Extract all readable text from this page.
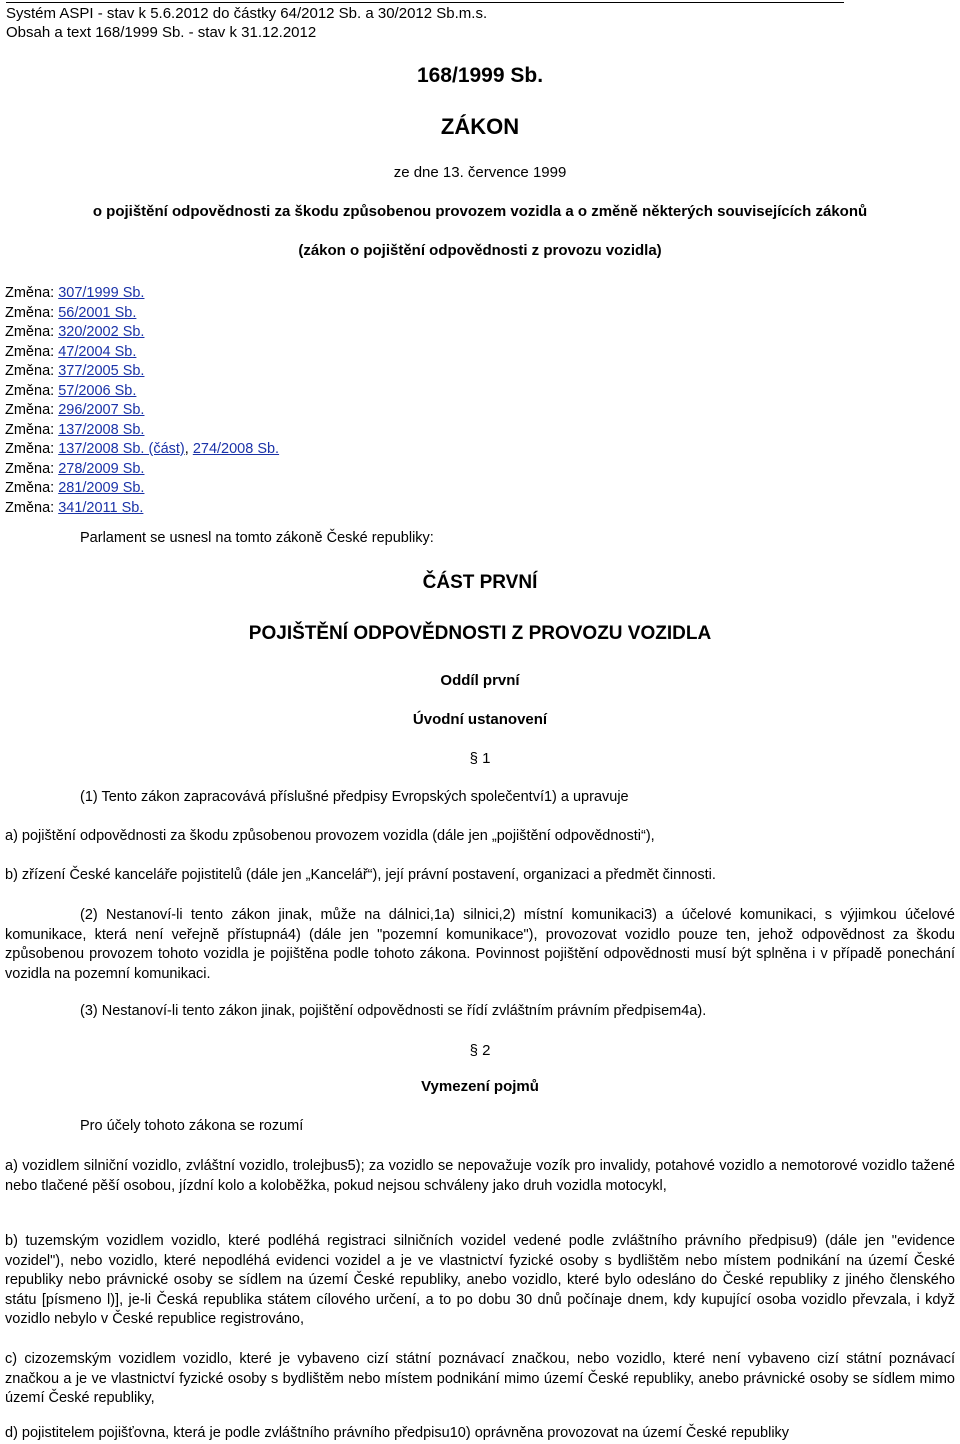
Systém ASPI - stav k 5.6.2012 do částky 64/2012 Sb. a 30/2012 Sb.m.s.
Obsah a text 168/1999 Sb. - stav k 31.12.2012
168/1999 Sb.
ZÁKON
ze dne 13. července 1999
o pojištění odpovědnosti za škodu způsobenou provozem vozidla a o změně některých souvisejících zákonů
(zákon o pojištění odpovědnosti z provozu vozidla)
Změna: 307/1999 Sb.
Změna: 56/2001 Sb.
Změna: 320/2002 Sb.
Změna: 47/2004 Sb.
Změna: 377/2005 Sb.
Změna: 57/2006 Sb.
Změna: 296/2007 Sb.
Změna: 137/2008 Sb.
Změna: 137/2008 Sb. (část), 274/2008 Sb.
Změna: 278/2009 Sb.
Změna: 281/2009 Sb.
Změna: 341/2011 Sb.
Parlament se usnesl na tomto zákoně České republiky:
ČÁST PRVNÍ
POJIŠTĚNÍ ODPOVĚDNOSTI Z PROVOZU VOZIDLA
Oddíl první
Úvodní ustanovení
§ 1
(1) Tento zákon zapracovává příslušné předpisy Evropských společentví1) a upravuje
a) pojištění odpovědnosti za škodu způsobenou provozem vozidla (dále jen „pojištění odpovědnosti“),
b) zřízení České kanceláře pojistitelů (dále jen „Kancelář“), její právní postavení, organizaci a předmět činnosti.
(2) Nestanoví-li tento zákon jinak, může na dálnici,1a) silnici,2) místní komunikaci3) a účelové komunikaci, s výjimkou účelové komunikace, která není veřejně přístupná4) (dále jen "pozemní komunikace"), provozovat vozidlo pouze ten, jehož odpovědnost za škodu způsobenou provozem tohoto vozidla je pojištěna podle tohoto zákona. Povinnost pojištění odpovědnosti musí být splněna i v případě ponechání vozidla na pozemní komunikaci.
(3) Nestanoví-li tento zákon jinak, pojištění odpovědnosti se řídí zvláštním právním předpisem4a).
§ 2
Vymezení pojmů
Pro účely tohoto zákona se rozumí
a) vozidlem silniční vozidlo, zvláštní vozidlo, trolejbus5); za vozidlo se nepovažuje vozík pro invalidy, potahové vozidlo a nemotorové vozidlo tažené nebo tlačené pěší osobou, jízdní kolo a koloběžka, pokud nejsou schváleny jako druh vozidla motocykl,
b) tuzemským vozidlem vozidlo, které podléhá registraci silničních vozidel vedené podle zvláštního právního předpisu9) (dále jen "evidence vozidel"), nebo vozidlo, které nepodléhá evidenci vozidel a je ve vlastnictví fyzické osoby s bydlištěm nebo místem podnikání na území České republiky nebo právnické osoby se sídlem na území České republiky, anebo vozidlo, které bylo odesláno do České republiky z jiného členského státu [písmeno l)], je-li Česká republika státem cílového určení, a to po dobu 30 dnů počínaje dnem, kdy kupující osoba vozidlo převzala, i když vozidlo nebylo v České republice registrováno,
c) cizozemským vozidlem vozidlo, které je vybaveno cizí státní poznávací značkou, nebo vozidlo, které není vybaveno cizí státní poznávací značkou a je ve vlastnictví fyzické osoby s bydlištěm nebo místem podnikání mimo území České republiky, anebo právnické osoby se sídlem mimo území České republiky,
d) pojistitelem pojišťovna, která je podle zvláštního právního předpisu10) oprávněna provozovat na území České republiky
